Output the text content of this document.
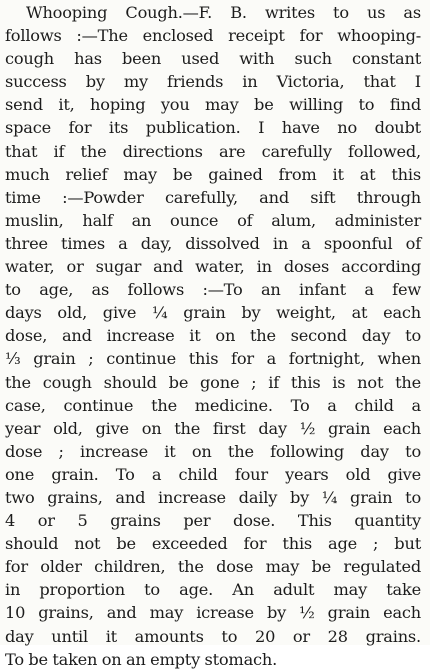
Whooping Cough.—F. B. writes to us as
follows :—The enclosed receipt for whooping-
cough has been used with such constant
success by my friends in Victoria, that I
send it, hoping you may be willing to find
space for its publication. I have no doubt
that if the directions are carefully followed,
much relief may be gained from it at this
time :—Powder carefully, and sift through
muslin, half an ounce of alum, administer
three times a day, dissolved in a spoonful of
water, or sugar and water, in doses according
to age, as follows :—To an infant a few
days old, give ¼ grain by weight, at each
dose, and increase it on the second day to
⅓ grain ; continue this for a fortnight, when
the cough should be gone ; if this is not the
case, continue the medicine. To a child a
year old, give on the first day ½ grain each
dose ; increase it on the following day to
one grain. To a child four years old give
two grains, and increase daily by ¼ grain to
4 or 5 grains per dose. This quantity
should not be exceeded for this age ; but
for older children, the dose may be regulated
in proportion to age. An adult may take
10 grains, and may icrease by ½ grain each
day until it amounts to 20 or 28 grains.
To be taken on an empty stomach.
